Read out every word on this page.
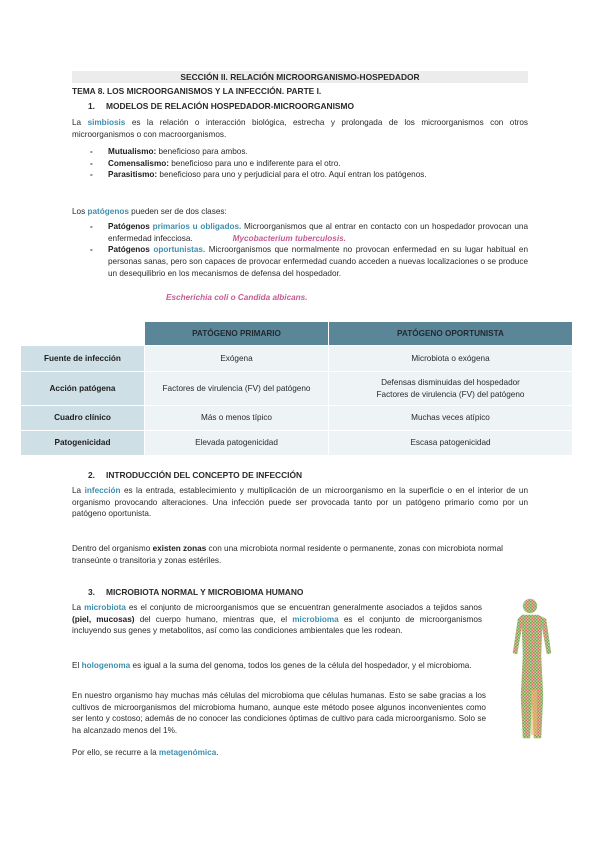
SECCIÓN II. RELACIÓN MICROORGANISMO-HOSPEDADOR
TEMA 8. LOS MICROORGANISMOS Y LA INFECCIÓN. PARTE I.
1. MODELOS DE RELACIÓN HOSPEDADOR-MICROORGANISMO

La simbiosis es la relación o interacción biológica, estrecha y prolongada de los microorganismos con otros microorganismos o con macroorganismos.

- Mutualismo: beneficioso para ambos.
- Comensalismo: beneficioso para uno e indiferente para el otro.
- Parasitismo: beneficioso para uno y perjudicial para el otro. Aquí entran los patógenos.

Los patógenos pueden ser de dos clases:

- Patógenos primarios u obligados. Microorganismos que al entrar en contacto con un hospedador provocan una enfermedad infecciosa.	Mycobacterium tuberculosis.
- Patógenos oportunistas. Microorganismos que normalmente no provocan enfermedad en su lugar habitual en personas sanas, pero son capaces de provocar enfermedad cuando acceden a nuevas localizaciones o se produce un desequilibrio en los mecanismos de defensa del hospedador.
Escherichia coli o Candida albicans.
	PATÓGENO PRIMARIO	PATÓGENO OPORTUNISTA
Fuente de infección	Exógena	Microbiota o exógena
Acción patógena	Factores de virulencia (FV) del patógeno	Defensas disminuidas del hospedador
Factores de virulencia (FV) del patógeno

Cuadro clínico	Más o menos típico	Muchas veces atípico
Patogenicidad	Elevada patogenicidad	Escasa patogenicidad
2. INTRODUCCIÓN DEL CONCEPTO DE INFECCIÓN

La infección es la entrada, establecimiento y multiplicación de un microorganismo en la superficie o en el interior de un organismo provocando alteraciones. Una infección puede ser provocada tanto por un patógeno primario como por un patógeno oportunista.

Dentro del organismo existen zonas con una microbiota normal residente o permanente, zonas con microbiota normal transeúnte o transitoria y zonas estériles.

3. MICROBIOTA NORMAL Y MICROBIOMA HUMANO

La microbiota es el conjunto de microorganismos que se encuentran generalmente asociados a tejidos sanos (piel, mucosas) del cuerpo humano, mientras que, el microbioma es el conjunto de microorganismos incluyendo sus genes y metabolitos, así como las condiciones ambientales que les rodean.

El hologenoma es igual a la suma del genoma, todos los genes de la célula del hospedador, y el microbioma.

En nuestro organismo hay muchas más células del microbioma que células humanas. Esto se sabe gracias a los cultivos de microorganismos del microbioma humano, aunque este método posee algunos inconvenientes como ser lento y costoso; además de no conocer las condiciones óptimas de cultivo para cada microorganismo. Solo se ha alcanzado menos del 1%.

Por ello, se recurre a la metagenómica.
